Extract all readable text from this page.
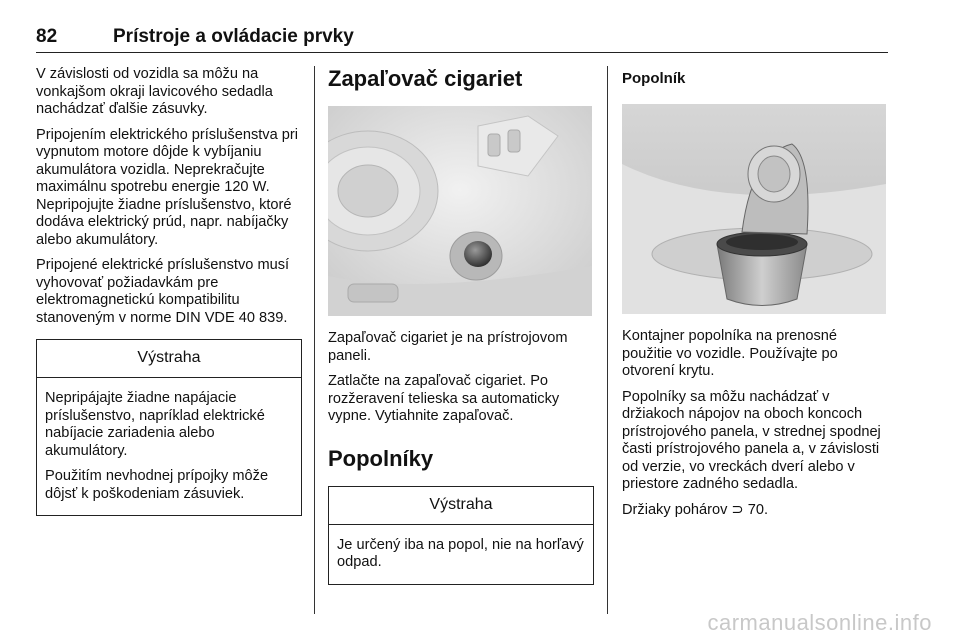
82	Prístroje a ovládacie prvky

V závislosti od vozidla sa môžu na vonkajšom okraji lavicového sedadla nachádzať ďalšie zásuvky.

Pripojením elektrického príslušenstva pri vypnutom motore dôjde k vybíjaniu akumulátora vozidla. Neprekračujte maximálnu spotrebu energie 120 W. Nepripojujte žiadne príslušenstvo, ktoré dodáva elektrický prúd, napr. nabíjačky alebo akumulátory.

Pripojené elektrické príslušenstvo musí vyhovovať požiadavkám pre elektromagnetickú kompatibilitu stanoveným v norme DIN VDE 40 839.

Výstraha

Nepripájajte žiadne napájacie príslušenstvo, napríklad elektrické nabíjacie zariadenia alebo akumulátory.

Použitím nevhodnej prípojky môže dôjsť k poškodeniam zásuviek.

Zapaľovač cigariet

Zapaľovač cigariet je na prístrojovom paneli.

Zatlačte na zapaľovač cigariet. Po rozžeravení telieska sa automaticky vypne. Vytiahnite zapaľovač.

Popolníky
Výstraha

Je určený iba na popol, nie na horľavý odpad.

Popolník

Kontajner popolníka na prenosné použitie vo vozidle. Používajte po otvorení krytu.

Popolníky sa môžu nachádzať v držiakoch nápojov na oboch koncoch prístrojového panela, v strednej spodnej časti prístrojového panela a, v závislosti od verzie, vo vreckách dverí alebo v priestore zadného sedadla.

Držiaky pohárov ⊃ 70.

carmanualsonline.info
